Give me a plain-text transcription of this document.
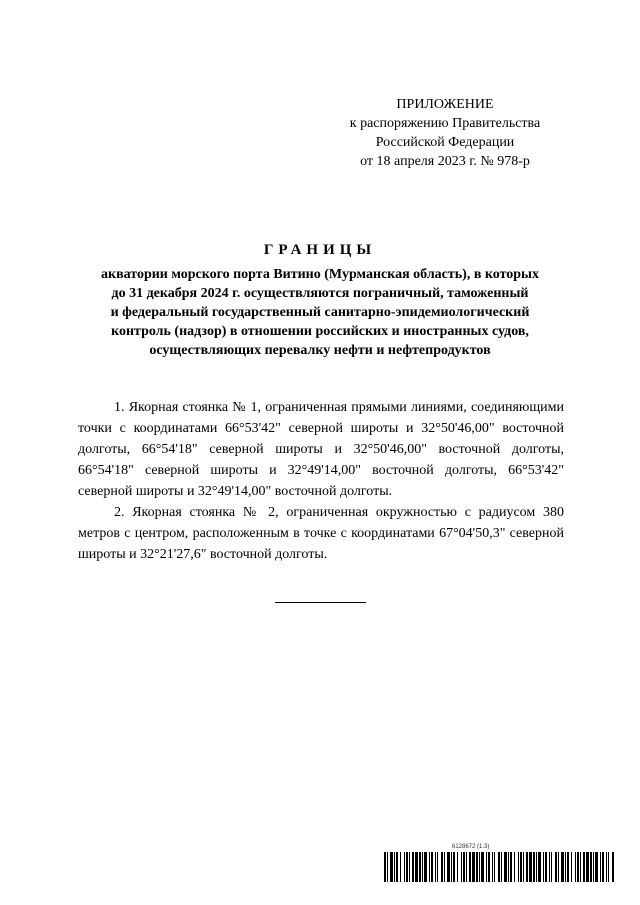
ПРИЛОЖЕНИЕ
к распоряжению Правительства
Российской Федерации
от 18 апреля 2023 г. № 978-р
ГРАНИЦЫ
акватории морского порта Витино (Мурманская область), в которых
до 31 декабря 2024 г. осуществляются пограничный, таможенный
и федеральный государственный санитарно-эпидемиологический
контроль (надзор) в отношении российских и иностранных судов,
осуществляющих перевалку нефти и нефтепродуктов

1. Якорная стоянка № 1, ограниченная прямыми линиями, соединяющими точки с координатами 66°53'42" северной широты и 32°50'46,00" восточной долготы, 66°54'18" северной широты и 32°50'46,00" восточной долготы, 66°54'18" северной широты и 32°49'14,00" восточной долготы, 66°53'42" северной широты и 32°49'14,00" восточной долготы.

2. Якорная стоянка № 2, ограниченная окружностью с радиусом 380 метров с центром, расположенным в точке с координатами 67°04'50,3" северной широты и 32°21'27,6" восточной долготы.

6128672 (1.3)
